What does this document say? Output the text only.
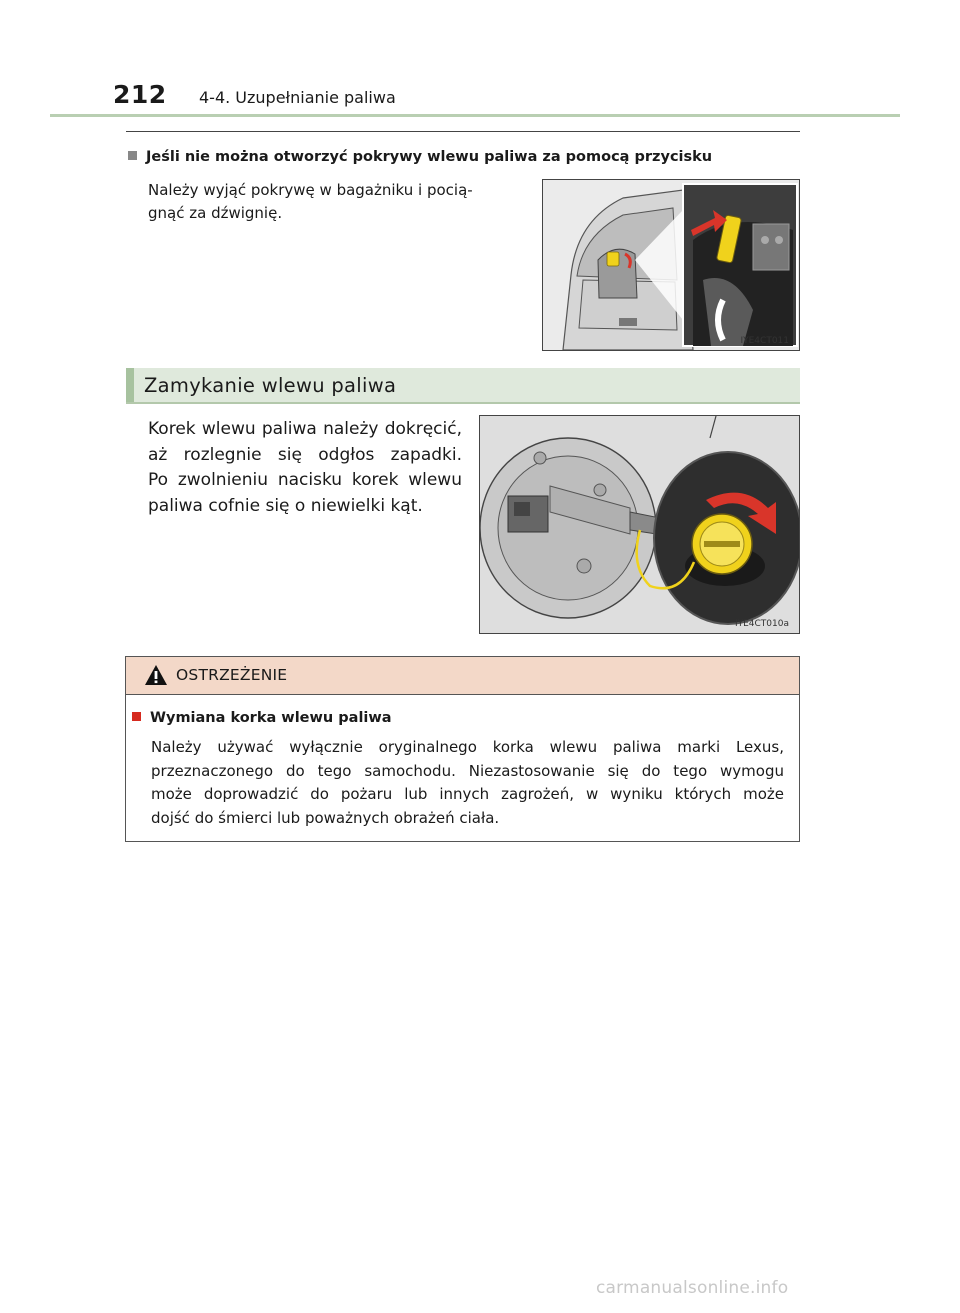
212 4-4. Uzupełnianie paliwa
Jeśli nie można otworzyć pokrywy wlewu paliwa za pomocą przycisku
Należy wyjąć pokrywę w bagażniku i pocią-
gnąć za dźwignię.
IYE4CT011
Zamykanie wlewu paliwa
Korek wlewu paliwa należy dokręcić,
aż rozlegnie się odgłos zapadki.
Po zwolnieniu nacisku korek wlewu
paliwa cofnie się o niewielki kąt.
IYE4CT010a
OSTRZEŻENIE
Wymiana korka wlewu paliwa
Należy używać wyłącznie oryginalnego korka wlewu paliwa marki Lexus,
przeznaczonego do tego samochodu. Niezastosowanie się do tego wymogu
może doprowadzić do pożaru lub innych zagrożeń, w wyniku których może
dojść do śmierci lub poważnych obrażeń ciała.
carmanualsonline.info
